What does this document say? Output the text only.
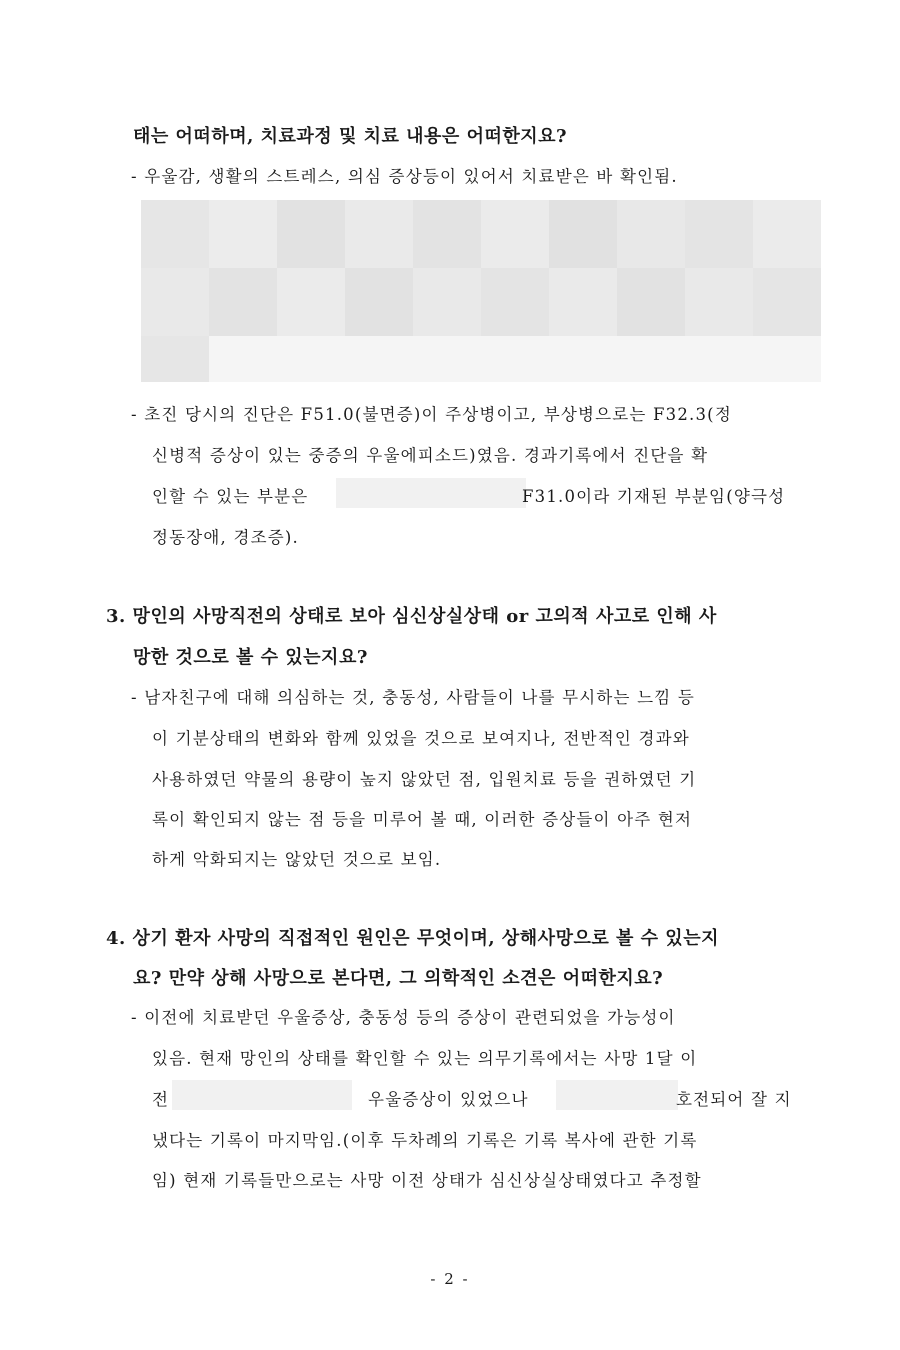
태는 어떠하며, 치료과정 및 치료 내용은 어떠한지요?
- 우울감, 생활의 스트레스, 의심 증상등이 있어서 치료받은 바 확인됨.
- 초진 당시의 진단은 F51.0(불면증)이 주상병이고, 부상병으로는 F32.3(정
신병적 증상이 있는 중증의 우울에피소드)였음. 경과기록에서 진단을 확
인할 수 있는 부분은	F31.0이라 기재된 부분임(양극성
정동장애, 경조증).
3. 망인의 사망직전의 상태로 보아 심신상실상태 or 고의적 사고로 인해 사
망한 것으로 볼 수 있는지요?
- 남자친구에 대해 의심하는 것, 충동성, 사람들이 나를 무시하는 느낌 등
이 기분상태의 변화와 함께 있었을 것으로 보여지나, 전반적인 경과와
사용하였던 약물의 용량이 높지 않았던 점, 입원치료 등을 권하였던 기
록이 확인되지 않는 점 등을 미루어 볼 때, 이러한 증상들이 아주 현저
하게 악화되지는 않았던 것으로 보임.
4. 상기 환자 사망의 직접적인 원인은 무엇이며, 상해사망으로 볼 수 있는지
요? 만약 상해 사망으로 본다면, 그 의학적인 소견은 어떠한지요?
- 이전에 치료받던 우울증상, 충동성 등의 증상이 관련되었을 가능성이
있음. 현재 망인의 상태를 확인할 수 있는 의무기록에서는 사망 1달 이
전	우울증상이 있었으나	호전되어 잘 지
냈다는 기록이 마지막임.(이후 두차례의 기록은 기록 복사에 관한 기록
임) 현재 기록들만으로는 사망 이전 상태가 심신상실상태였다고 추정할
- 2 -
